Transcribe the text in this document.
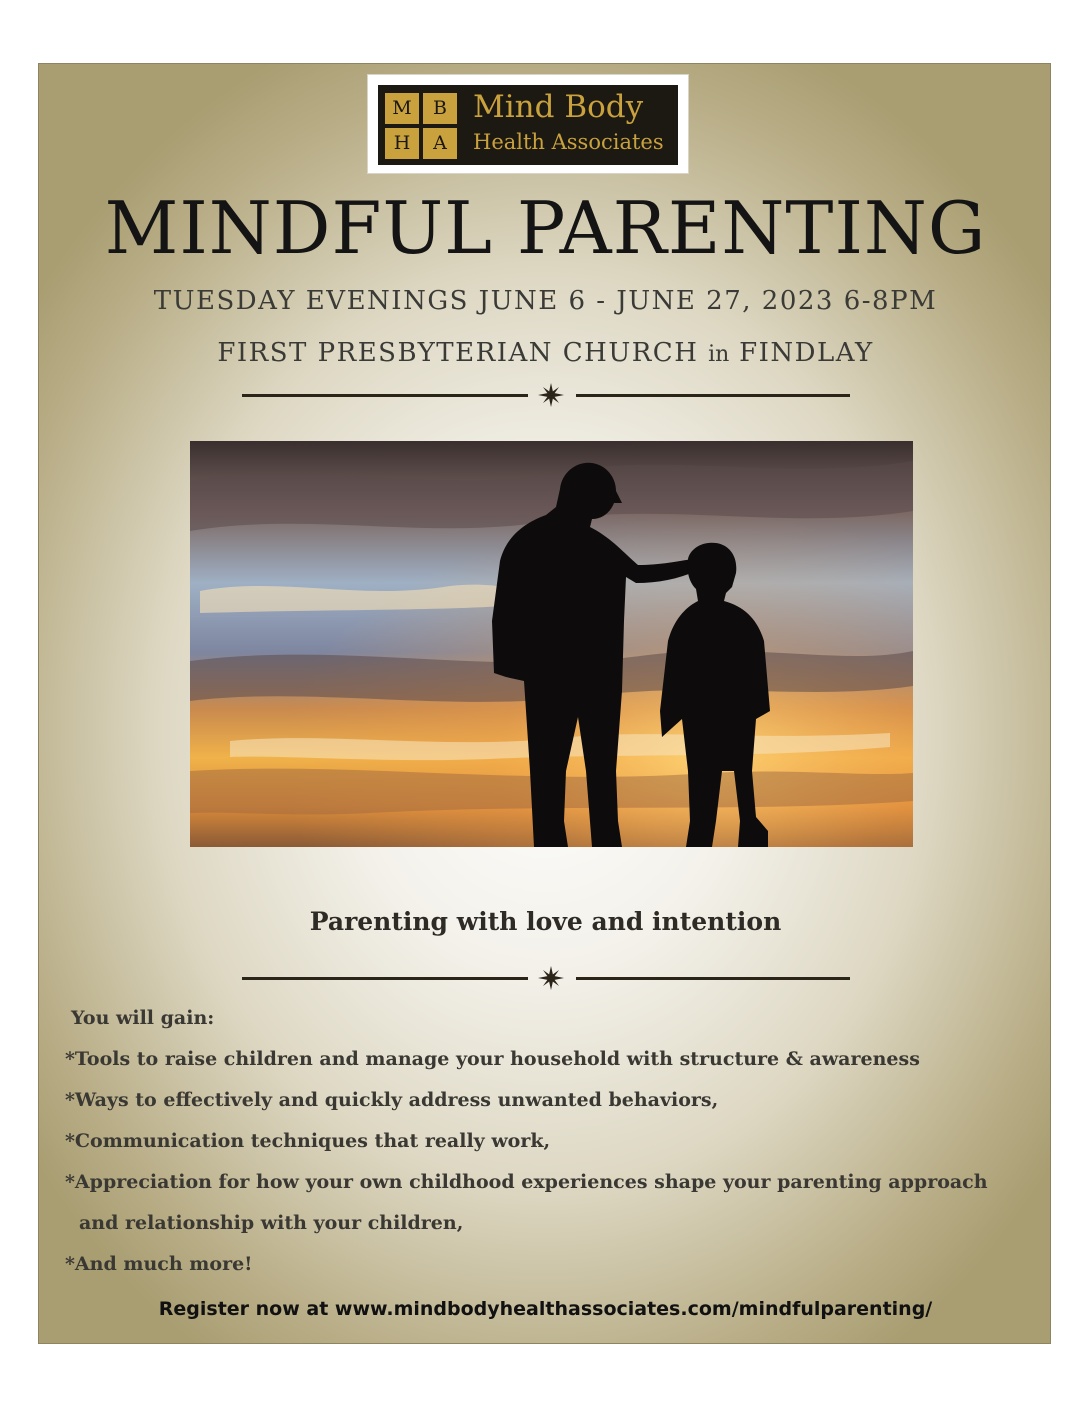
M	B
H	A
Mind Body
Health Associates
MINDFUL PARENTING
TUESDAY EVENINGS JUNE 6 - JUNE 27, 2023 6-8PM
FIRST PRESBYTERIAN CHURCH in FINDLAY
Parenting with love and intention
You will gain:
*Tools to raise children and manage your household with structure & awareness
*Ways to effectively and quickly address unwanted behaviors,
*Communication techniques that really work,
*Appreciation for how your own childhood experiences shape your parenting approach
and relationship with your children,
*And much more!
Register now at www.mindbodyhealthassociates.com/mindfulparenting/
